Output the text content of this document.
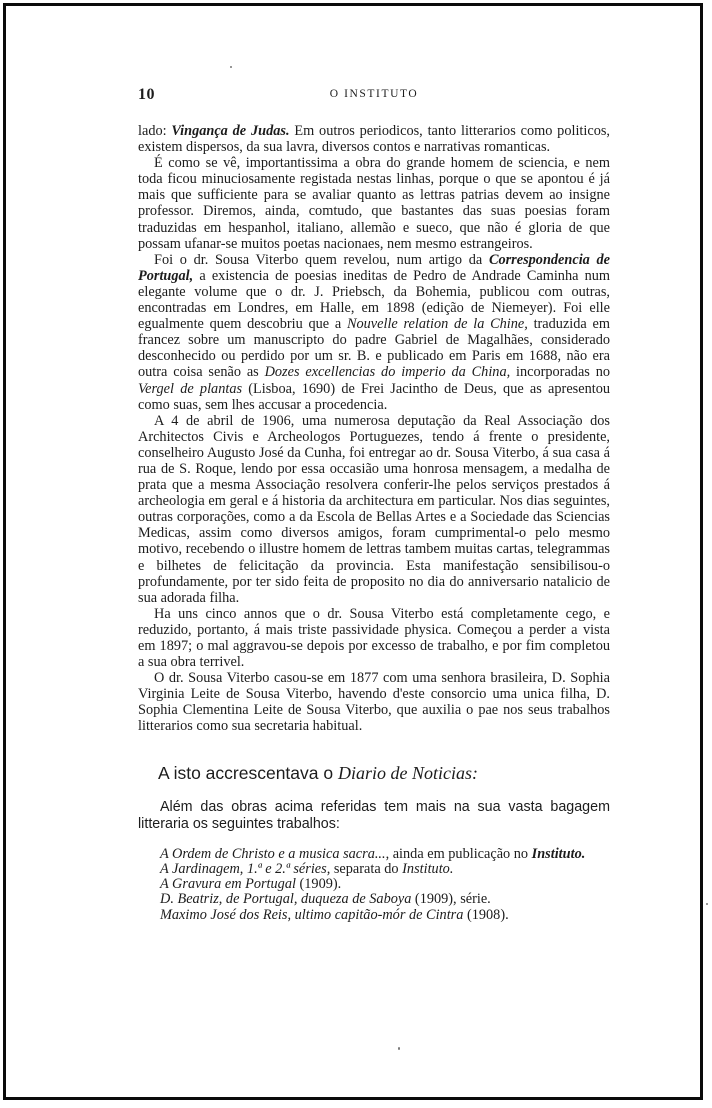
10	O INSTITUTO

lado: Vingança de Judas. Em outros periodicos, tanto litterarios como politicos, existem dispersos, da sua lavra, diversos contos e narrativas romanticas.

É como se vê, importantissima a obra do grande homem de sciencia, e nem toda ficou minuciosamente registada nestas linhas, porque o que se apontou é já mais que sufficiente para se avaliar quanto as lettras patrias devem ao insigne professor. Diremos, ainda, comtudo, que bastantes das suas poesias foram traduzidas em hespanhol, italiano, allemão e sueco, que não é gloria de que possam ufanar-se muitos poetas nacionaes, nem mesmo estrangeiros.

Foi o dr. Sousa Viterbo quem revelou, num artigo da Correspondencia de Portugal, a existencia de poesias ineditas de Pedro de Andrade Caminha num elegante volume que o dr. J. Priebsch, da Bohemia, publicou com outras, encontradas em Londres, em Halle, em 1898 (edição de Niemeyer). Foi elle egualmente quem descobriu que a Nouvelle relation de la Chine, traduzida em francez sobre um manuscripto do padre Gabriel de Magalhães, considerado desconhecido ou perdido por um sr. B. e publicado em Paris em 1688, não era outra coisa senão as Dozes excellencias do imperio da China, incorporadas no Vergel de plantas (Lisboa, 1690) de Frei Jacintho de Deus, que as apresentou como suas, sem lhes accusar a procedencia.

A 4 de abril de 1906, uma numerosa deputação da Real Associação dos Architectos Civis e Archeologos Portuguezes, tendo á frente o presidente, conselheiro Augusto José da Cunha, foi entregar ao dr. Sousa Viterbo, á sua casa á rua de S. Roque, lendo por essa occasião uma honrosa mensagem, a medalha de prata que a mesma Associação resolvera conferir-lhe pelos serviços prestados á archeologia em geral e á historia da architectura em particular. Nos dias seguintes, outras corporações, como a da Escola de Bellas Artes e a Sociedade das Sciencias Medicas, assim como diversos amigos, foram cumprimental-o pelo mesmo motivo, recebendo o illustre homem de lettras tambem muitas cartas, telegrammas e bilhetes de felicitação da provincia. Esta manifestação sensibilisou-o profundamente, por ter sido feita de proposito no dia do anniversario natalicio de sua adorada filha.

Ha uns cinco annos que o dr. Sousa Viterbo está completamente cego, e reduzido, portanto, á mais triste passividade physica. Começou a perder a vista em 1897; o mal aggravou-se depois por excesso de trabalho, e por fim completou a sua obra terrivel.

O dr. Sousa Viterbo casou-se em 1877 com uma senhora brasileira, D. Sophia Virginia Leite de Sousa Viterbo, havendo d'este consorcio uma unica filha, D. Sophia Clementina Leite de Sousa Viterbo, que auxilia o pae nos seus trabalhos litterarios como sua secretaria habitual.

A isto accrescentava o Diario de Noticias:

Além das obras acima referidas tem mais na sua vasta bagagem litteraria os seguintes trabalhos:

A Ordem de Christo e a musica sacra..., ainda em publicação no Instituto.

A Jardinagem, 1.ª e 2.ª séries, separata do Instituto.

A Gravura em Portugal (1909).

D. Beatriz, de Portugal, duqueza de Saboya (1909), série.

Maximo José dos Reis, ultimo capitão-mór de Cintra (1908).
